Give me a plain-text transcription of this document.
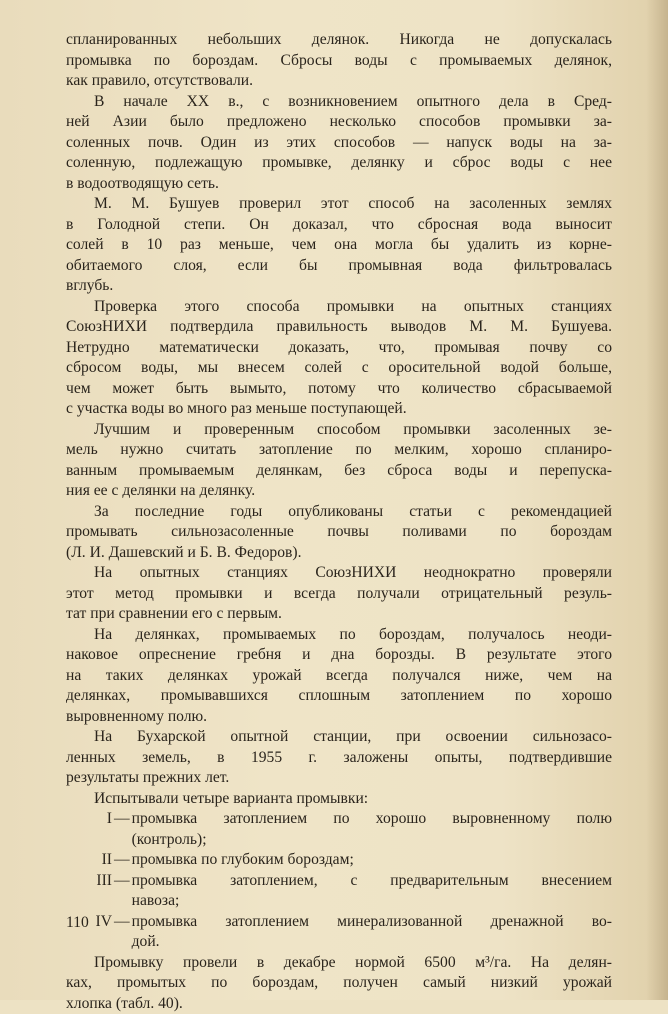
спланированных небольших делянок. Никогда не допускалась
промывка по бороздам. Сбросы воды с промываемых делянок,
как правило, отсутствовали.
В начале XX в., с возникновением опытного дела в Сред-
ней Азии было предложено несколько способов промывки за-
соленных почв. Один из этих способов — напуск воды на за-
соленную, подлежащую промывке, делянку и сброс воды с нее
в водоотводящую сеть.
М. М. Бушуев проверил этот способ на засоленных землях
в Голодной степи. Он доказал, что сбросная вода выносит
солей в 10 раз меньше, чем она могла бы удалить из корне-
обитаемого слоя, если бы промывная вода фильтровалась
вглубь.
Проверка этого способа промывки на опытных станциях
СоюзНИХИ подтвердила правильность выводов М. М. Бушуева.
Нетрудно математически доказать, что, промывая почву со
сбросом воды, мы внесем солей с оросительной водой больше,
чем может быть вымыто, потому что количество сбрасываемой
с участка воды во много раз меньше поступающей.
Лучшим и проверенным способом промывки засоленных зе-
мель нужно считать затопление по мелким, хорошо спланиро-
ванным промываемым делянкам, без сброса воды и перепуска-
ния ее с делянки на делянку.
За последние годы опубликованы статьи с рекомендацией
промывать сильнозасоленные почвы поливами по бороздам
(Л. И. Дашевский и Б. В. Федоров).
На опытных станциях СоюзНИХИ неоднократно проверяли
этот метод промывки и всегда получали отрицательный резуль-
тат при сравнении его с первым.
На делянках, промываемых по бороздам, получалось неоди-
наковое опреснение гребня и дна борозды. В результате этого
на таких делянках урожай всегда получался ниже, чем на
делянках, промывавшихся сплошным затоплением по хорошо
выровненному полю.
На Бухарской опытной станции, при освоении сильнозасо-
ленных земель, в 1955 г. заложены опыты, подтвердившие
результаты прежних лет.
Испытывали четыре варианта промывки:
I — промывка затоплением по хорошо выровненному полю
(контроль);
II — промывка по глубоким бороздам;
III — промывка затоплением, с предварительным внесением
навоза;
IV — промывка затоплением минерализованной дренажной во-
дой.
Промывку провели в декабре нормой 6500 м³/га. На делян-
ках, промытых по бороздам, получен самый низкий урожай
хлопка (табл. 40).
110
